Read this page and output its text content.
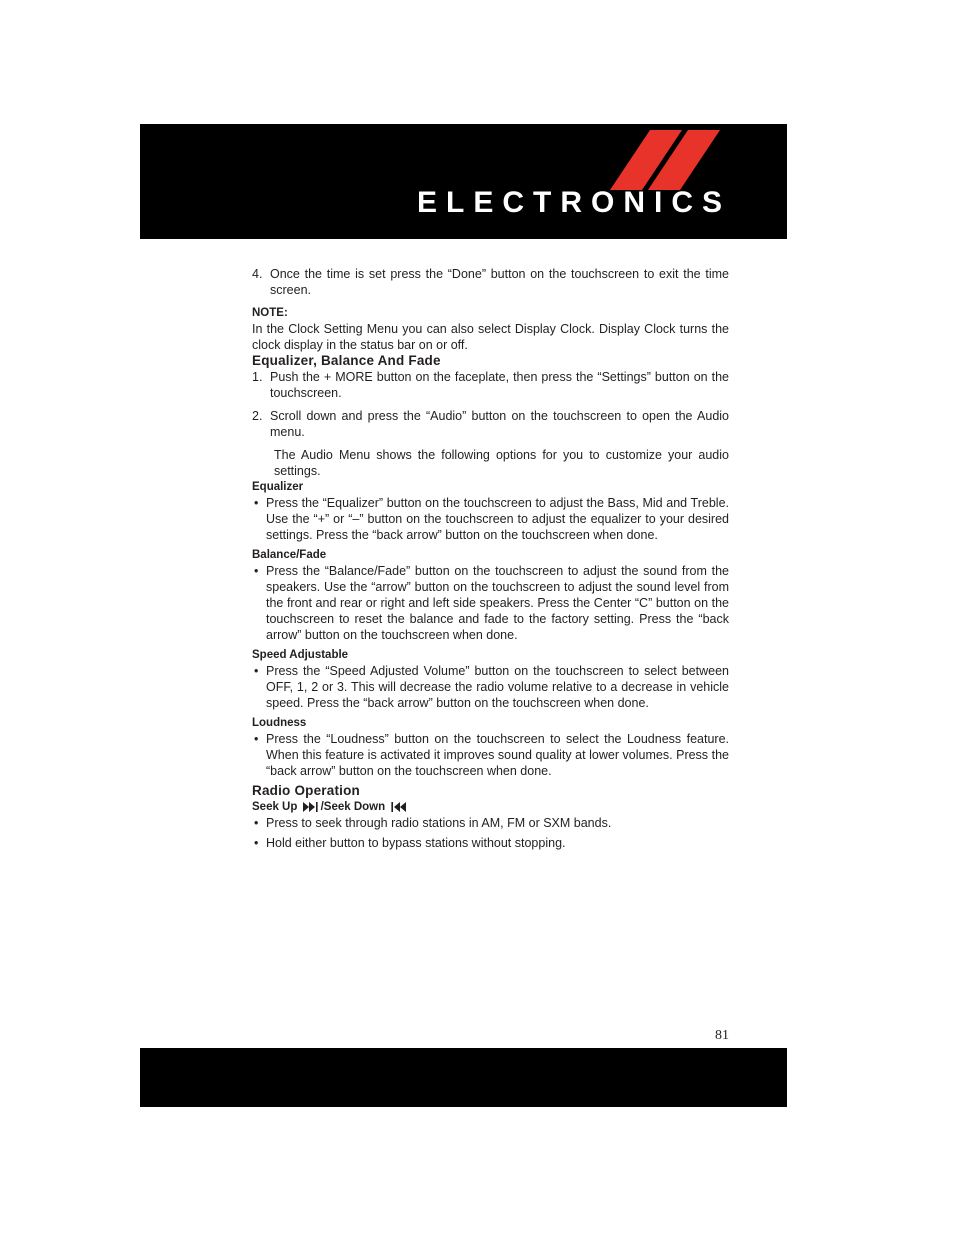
ELECTRONICS
4. Once the time is set press the “Done” button on the touchscreen to exit the time screen.

NOTE:

In the Clock Setting Menu you can also select Display Clock. Display Clock turns the clock display in the status bar on or off.

Equalizer, Balance And Fade

1. Push the + MORE button on the faceplate, then press the “Settings” button on the touchscreen.

2. Scroll down and press the “Audio” button on the touchscreen to open the Audio menu.

The Audio Menu shows the following options for you to customize your audio settings.

Equalizer

• Press the “Equalizer” button on the touchscreen to adjust the Bass, Mid and Treble. Use the “+” or “–” button on the touchscreen to adjust the equalizer to your desired settings. Press the “back arrow” button on the touchscreen when done.

Balance/Fade

• Press the “Balance/Fade” button on the touchscreen to adjust the sound from the speakers. Use the “arrow” button on the touchscreen to adjust the sound level from the front and rear or right and left side speakers. Press the Center “C” button on the touchscreen to reset the balance and fade to the factory setting. Press the “back arrow” button on the touchscreen when done.

Speed Adjustable

• Press the “Speed Adjusted Volume” button on the touchscreen to select between OFF, 1, 2 or 3. This will decrease the radio volume relative to a decrease in vehicle speed. Press the “back arrow” button on the touchscreen when done.

Loudness

• Press the “Loudness” button on the touchscreen to select the Loudness feature. When this feature is activated it improves sound quality at lower volumes. Press the “back arrow” button on the touchscreen when done.

Radio Operation

Seek Up /Seek Down

• Press to seek through radio stations in AM, FM or SXM bands.

• Hold either button to bypass stations without stopping.

81
